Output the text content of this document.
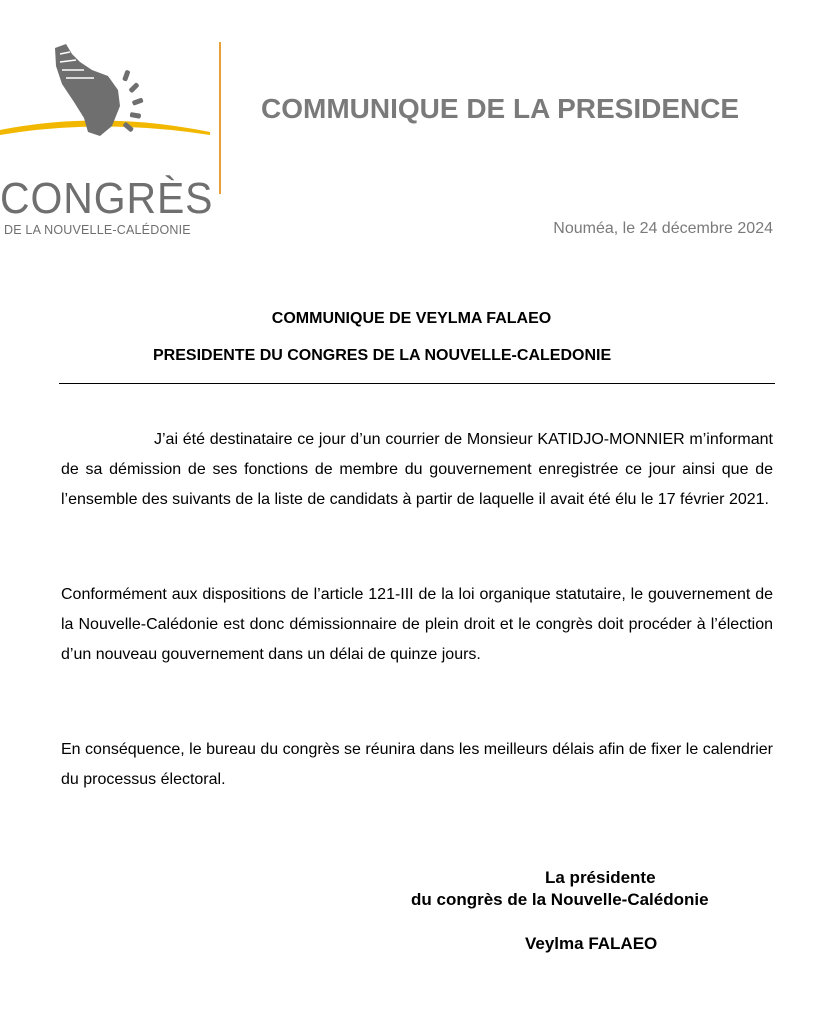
CONGRÈS
DE LA NOUVELLE-CALÉDONIE
COMMUNIQUE DE LA PRESIDENCE
Nouméa, le 24 décembre 2024
COMMUNIQUE DE VEYLMA FALAEO
PRESIDENTE DU CONGRES DE LA NOUVELLE-CALEDONIE
J’ai été destinataire ce jour d’un courrier de Monsieur KATIDJO-MONNIER m’informant de sa démission de ses fonctions de membre du gouvernement enregistrée ce jour ainsi que de l’ensemble des suivants de la liste de candidats à partir de laquelle il avait été élu le 17 février 2021.
Conformément aux dispositions de l’article 121-III de la loi organique statutaire, le gouvernement de la Nouvelle-Calédonie est donc démissionnaire de plein droit et le congrès doit procéder à l’élection d’un nouveau gouvernement dans un délai de quinze jours.
En conséquence, le bureau du congrès se réunira dans les meilleurs délais afin de fixer le calendrier du processus électoral.
La présidente
du congrès de la Nouvelle-Calédonie
Veylma FALAEO
